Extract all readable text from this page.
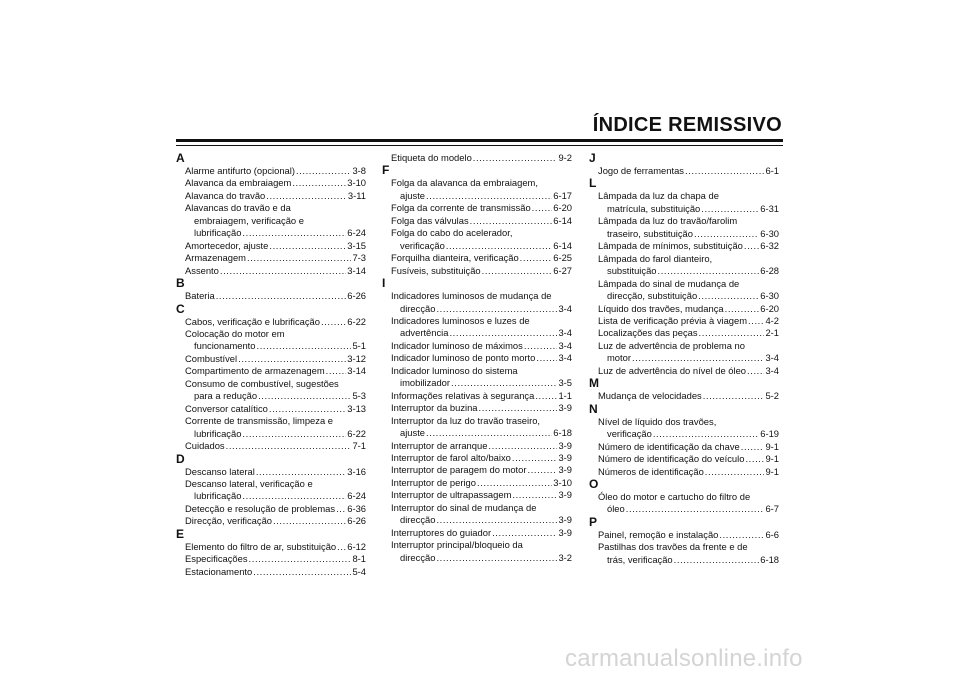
ÍNDICE REMISSIVO
A
Alarme antifurto (opcional) .....	3-8
Alavanca da embraiagem .....	3-10
Alavanca do travão .....	3-11
Alavancas do travão e da
embraiagem, verificação e
lubrificação .....	6-24
Amortecedor, ajuste .....	3-15
Armazenagem .....	7-3
Assento .....	3-14
B
Bateria .....	6-26
C
Cabos, verificação e lubrificação .....	6-22
Colocação do motor em
funcionamento .....	5-1
Combustível .....	3-12
Compartimento de armazenagem ..... 3-14
Consumo de combustível, sugestões
para a redução .....	5-3
Conversor catalítico .....	3-13
Corrente de transmissão, limpeza e
lubrificação .....	6-22
Cuidados .....	7-1
D
Descanso lateral .....	3-16
Descanso lateral, verificação e
lubrificação .....	6-24
Detecção e resolução de problemas ..... 6-36
Direcção, verificação .....	6-26
E
Elemento do filtro de ar, substituição ..... 6-12
Especificações .....	8-1
Estacionamento .....	5-4
Etiqueta do modelo .....	9-2
F
Folga da alavanca da embraiagem,
ajuste .....	6-17
Folga da corrente de transmissão ..... 6-20
Folga das válvulas .....	6-14
Folga do cabo do acelerador,
verificação .....	6-14
Forquilha dianteira, verificação .....	6-25
Fusíveis, substituição .....	6-27
I
Indicadores luminosos de mudança de
direcção .....	3-4
Indicadores luminosos e luzes de
advertência .....	3-4
Indicador luminoso de máximos .....	3-4
Indicador luminoso de ponto morto ..... 3-4
Indicador luminoso do sistema
imobilizador .....	3-5
Informações relativas à segurança .....	1-1
Interruptor da buzina .....	3-9
Interruptor da luz do travão traseiro,
ajuste .....	6-18
Interruptor de arranque .....	3-9
Interruptor de farol alto/baixo .....	3-9
Interruptor de paragem do motor .....	3-9
Interruptor de perigo .....	3-10
Interruptor de ultrapassagem .....	3-9
Interruptor do sinal de mudança de
direcção .....	3-9
Interruptores do guiador .....	3-9
Interruptor principal/bloqueio da
direcção .....	3-2
J
Jogo de ferramentas .....	6-1
L
Lâmpada da luz da chapa de
matrícula, substituição .....	6-31
Lâmpada da luz do travão/farolim
traseiro, substituição .....	6-30
Lâmpada de mínimos, substituição ..... 6-32
Lâmpada do farol dianteiro,
substituição .....	6-28
Lâmpada do sinal de mudança de
direcção, substituição .....	6-30
Líquido dos travões, mudança .....	6-20
Lista de verificação prévia à viagem ..... 4-2
Localizações das peças .....	2-1
Luz de advertência de problema no
motor .....	3-4
Luz de advertência do nível de óleo ..... 3-4
M
Mudança de velocidades .....	5-2
N
Nível de líquido dos travões,
verificação .....	6-19
Número de identificação da chave .....	9-1
Número de identificação do veículo ..... 9-1
Números de identificação .....	9-1
O
Óleo do motor e cartucho do filtro de
óleo .....	6-7
P
Painel, remoção e instalação .....	6-6
Pastilhas dos travões da frente e de
trás, verificação .....	6-18
carmanualsonline.info
